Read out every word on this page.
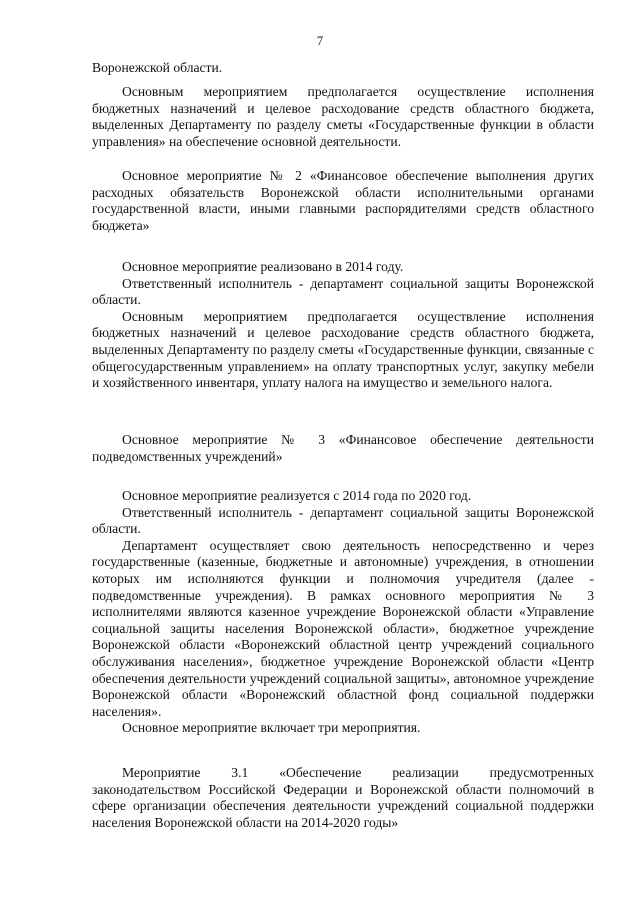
7

Воронежской области.

Основным мероприятием предполагается осуществление исполнения бюджетных назначений и целевое расходование средств областного бюджета, выделенных Департаменту по разделу сметы «Государственные функции в области управления» на обеспечение основной деятельности.

Основное мероприятие № 2 «Финансовое обеспечение выполнения других расходных обязательств Воронежской области исполнительными органами государственной власти, иными главными распорядителями средств областного бюджета»

Основное мероприятие реализовано в 2014 году.

Ответственный исполнитель - департамент социальной защиты Воронежской области.

Основным мероприятием предполагается осуществление исполнения бюджетных назначений и целевое расходование средств областного бюджета, выделенных Департаменту по разделу сметы «Государственные функции, связанные с общегосударственным управлением» на оплату транспортных услуг, закупку мебели и хозяйственного инвентаря, уплату налога на имущество и земельного налога.

Основное мероприятие № 3 «Финансовое обеспечение деятельности подведомственных учреждений»

Основное мероприятие реализуется с 2014 года по 2020 год.

Ответственный исполнитель - департамент социальной защиты Воронежской области.

Департамент осуществляет свою деятельность непосредственно и через государственные (казенные, бюджетные и автономные) учреждения, в отношении которых им исполняются функции и полномочия учредителя (далее - подведомственные учреждения). В рамках основного мероприятия № 3 исполнителями являются казенное учреждение Воронежской области «Управление социальной защиты населения Воронежской области», бюджетное учреждение Воронежской области «Воронежский областной центр учреждений социального обслуживания населения», бюджетное учреждение Воронежской области «Центр обеспечения деятельности учреждений социальной защиты», автономное учреждение Воронежской области «Воронежский областной фонд социальной поддержки населения».

Основное мероприятие включает три мероприятия.

Мероприятие 3.1 «Обеспечение реализации предусмотренных законодательством Российской Федерации и Воронежской области полномочий в сфере организации обеспечения деятельности учреждений социальной поддержки населения Воронежской области на 2014-2020 годы»
